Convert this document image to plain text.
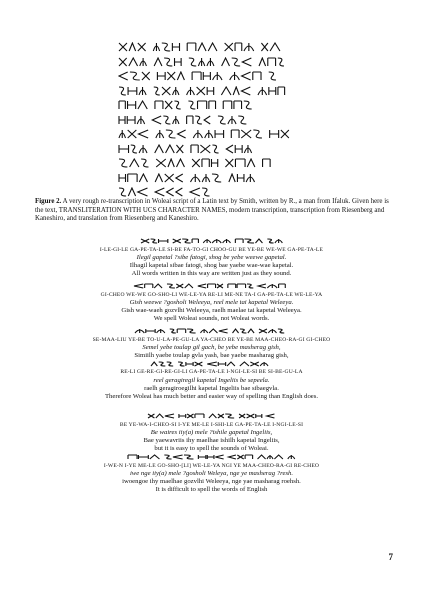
Figure 2. A very rough re-transcription in Woleai script of a Latin text by Smith, written by R., a man from Ifaluk. Given here is the text, TRANSLITERATION WITH UCS CHARACTER NAMES, modern transcription, transcription from Riesenberg and Kaneshiro, and translation from Riesenberg and Kaneshiro.

I-LE-GI-LE GA-PE-TA-LE SI-BE FA-TO-GI CHOO-GU BE YE-BE WE-WE GA-PE-TA-LE

Ilegil gapetal ?sibe fatogi, shog be yebe weewe gapetal.

Ilhagil kapetal sibae fatogi, shog bae yaebe wae-wae kapetal.

All words written in this way are written just as they sound.

GI-CHEO WE-WE GO-SHO-LI WE-LE-YA RE-LI ME-NE TA-I GA-PE-TA-LE WE-LE-YA

Gish weewe ?gosholi Weleeya, reel mele tai kapetal Weleeya.

Gish wae-waeh gozvlhi Weleeya, raelh maelae tai kapetal Weleeya.

We spell Woleai sounds, not Woleai words.

SE-MAA-LIU YE-BE TO-U-LA-PE-GU-LA YA-CHEO BE YE-BE MAA-CHEO-RA-GI GI-CHEO

Semel yebe toulap gil gach, be yebe masherag gish,

Simiilh yaebe toulap gvla yash, bae yaebe masharag gish,

RE-LI GE-RE-GI-RE-GI-LI GA-PE-TA-LE I-NGI-LE-SI BE SI-BE-GU-LA

reel geragiregil kapetal Ingeliis be sepeela.

raelh geragiroegilhi kapetal Ingeliis bae sibaegvla.

Therefore Woleai has much better and easier way of spelling than English does.

BE YE-WA-I-CHEO-SI I-YE ME-LE I-SHI-LE GA-PE-TA-LE I-NGI-LE-SI

Be waires iiy(a) mele ?ishile gapetal Ingeliis,

Bae yaewavriis ihy maelhae ishilh kapetal Ingeliis,

but it is easy to spell the sounds of Woleai.

I-WE-N I-YE ME-LE GO-SHO-[LI] WE-LE-YA NGI YE MAA-CHEO-RA-GI RE-CHEO

iwe nge iiy(a) mele ?gosholi Weleya, nge ye masherag ?resh.

iwoengoe ihy maelhae gozvlhi Weleeya, nge yae masharag roehsh.

It is difficult to spell the words of English

7
